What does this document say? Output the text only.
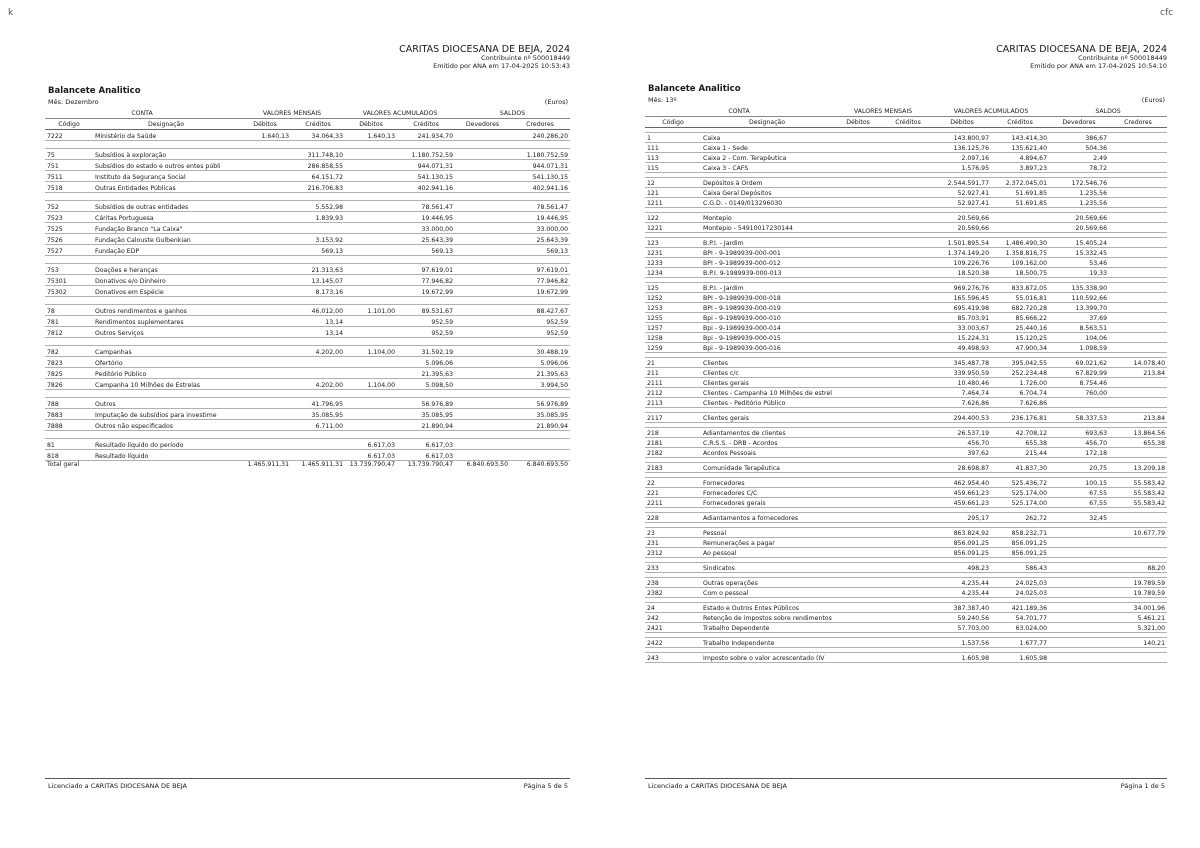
k	cfc
CARITAS DIOCESANA DE BEJA, 2024
Contribuinte nº 500018449
Emitido por ANA em 17-04-2025 10:53:43
Balancete Analitico
Mês: Dezembro	(Euros)
CONTA		VALORES MENSAIS		VALORES ACUMULADOS		SALDOS	
Código	Designação	Débitos	Créditos	Débitos	Créditos	Devedores	Credores
7222	Ministério da Saúde	1.640,13	34.064,33	1.640,13	241.934,70		240.286,20

75	Subsídios à exploração		311.748,10		1.180.752,59		1.180.752,59
751	Subsídios do estado e outros entes públi		286.858,55		944.071,31		944.071,31
7511	Instituto da Segurança Social		64.151,72		541.130,15		541.130,15
7518	Outras Entidades Públicas		216.706,83		402.941,16		402.941,16

752	Subsídios de outras entidades		5.552,98		78.561,47		78.561,47
7523	Cáritas Portuguesa		1.839,93		19.446,95		19.446,95
7525	Fundação Branco "La Caixa"				33.000,00		33.000,00
7526	Fundação Calouste Gulbenkian		3.153,92		25.643,39		25.643,39
7527	Fundação EDP		569,13		569,13		569,13

753	Doações e heranças		21.313,63		97.619,01		97.619,01
75301	Donativos e/o Dinheiro		13.145,07		77.946,82		77.946,82
75302	Donativos em Espécie		8.173,16		19.672,99		19.672,99

78	Outros rendimentos e ganhos		46.012,00	1.101,00	89.531,67		88.427,67
781	Rendimentos suplementares		13,14		952,59		952,59
7812	Outros Serviços		13,14		952,59		952,59

782	Campanhas		4.202,00	1.104,00	31.592,19		30.488,19
7823	Ofertório				5.096,06		5.096,06
7825	Peditório Público				21.395,63		21.395,63
7826	Campanha 10 Milhões de Estrelas		4.202,00	1.104,00	5.098,50		3.994,50

788	Outros		41.796,95		56.976,89		56.976,89
7883	Imputação de subsídios para investime		35.085,95		35.085,95		35.085,95
7888	Outros não especificados		6.711,00		21.890,94		21.890,94

81	Resultado líquido do período			6.617,03	6.617,03		
818	Resultado líquido			6.617,03	6.617,03		
Total geral		1.465.911,31	1.465.911,31	13.739.790,47	13.739.790,47	6.840.693,50	6.840.693,50
Licenciado a CARITAS DIOCESANA DE BEJA	Página 5 de 5
CARITAS DIOCESANA DE BEJA, 2024
Contribuinte nº 500018449
Emitido por ANA em 17-04-2025 10:54:10
Balancete Analitico
Mês: 13º	(Euros)
CONTA		VALORES MENSAIS		VALORES ACUMULADOS		SALDOS	
Código	Designação	Débitos	Créditos	Débitos	Créditos	Devedores	Credores

1	Caixa			143.800,97	143.414,30	386,67	
111	Caixa 1 - Sede			136.125,76	135.621,40	504,36	
113	Caixa 2 - Com. Terapêutica			2.097,16	4.894,67	2,49	
115	Caixa 3 - CAFS			1.576,95	3.897,23	78,72	

12	Depósitos à Ordem			2.544.591,77	2.372.045,01	172.546,76	
121	Caixa Geral Depósitos			52.927,41	51.691,85	1.235,56	
1211	C.G.D. - 0149/013296030			52.927,41	51.691,85	1.235,56	

122	Montepio			20.569,66		20.569,66	
1221	Montepio - 54910017230144			20.569,66		20.569,66	

123	B.P.I. - Jardim			1.501.895,54	1.486.490,30	15.405,24	
1231	BPI - 9-1989939-000-001			1.374.149,20	1.358.816,75	15.332,45	
1233	BPI - 9-1989939-000-012			109.226,76	109.162,00	53,46	
1234	B.P.I. 9-1989939-000-013			18.520,38	18.500,75	19,33	

125	B.P.I. - Jardim			969.276,76	833.872,05	135.338,90	
1252	BPI - 9-1989939-000-018			165.596,45	55.016,81	110.592,66	
1253	BPI - 9-1989939-000-019			695.419,98	682.720,28	13.399,70	
1255	Bpi - 9-1989939-000-010			85.703,91	85.666,22	37,69	
1257	Bpi - 9-1989939-000-014			33.003,67	25.440,16	8.563,51	
1258	Bpi - 9-1989939-000-015			15.224,31	15.120,25	104,06	
1259	Bpi - 9-1989939-000-016			49.498,93	47.900,34	1.098,59	

21	Clientes			345.487,78	395.042,55	69.021,62	14.078,40
211	Clientes c/c			339.950,59	252.234,48	67.829,99	213,84
2111	Clientes gerais			10.480,46	1.726,00	8.754,46	
2112	Clientes - Campanha 10 Milhões de estrel			7.464,74	6.704,74	760,00	
2113	Clientes - Peditório Público			7.626,86	7.626,86		

2117	Clientes gerais			294.400,53	236.176,81	58.337,53	213,84

218	Adiantamentos de clientes			26.537,19	42.708,12	693,63	13.864,56
2181	C.R.S.S. - DRB - Acordos			456,70	655,38	456,70	655,38
2182	Acordos Pessoais			397,62	215,44	172,18	

2183	Comunidade Terapêutica			28.698,87	41.837,30	20,75	13.209,18

22	Fornecedores			462.954,40	525.436,72	100,15	55.583,42
221	Fornecedores C/C			459.661,23	525.174,00	67,55	55.583,42
2211	Fornecedores gerais			459.661,23	525.174,00	67,55	55.583,42

228	Adiantamentos a fornecedores			295,17	262,72	32,45	

23	Pessoal			863.824,92	858.232,71		10.677,79
231	Remunerações a pagar			856.091,25	856.091,25		
2312	Ao pessoal			856.091,25	856.091,25		

233	Sindicatos			498,23	586,43		88,20

238	Outras operações			4.235,44	24.025,03		19.789,59
2382	Com o pessoal			4.235,44	24.025,03		19.789,59

24	Estado e Outros Entes Públicos			387.387,40	421.189,36		34.001,96
242	Retenção de impostos sobre rendimentos			59.240,56	54.701,77		5.461,21
2421	Trabalho Dependente			57.703,00	63.024,00		5.321,00

2422	Trabalho Independente			1.537,56	1.677,77		140,21

243	Imposto sobre o valor acrescentado (IV			1.605,98	1.605,98		
Licenciado a CARITAS DIOCESANA DE BEJA	Página 1 de 5
